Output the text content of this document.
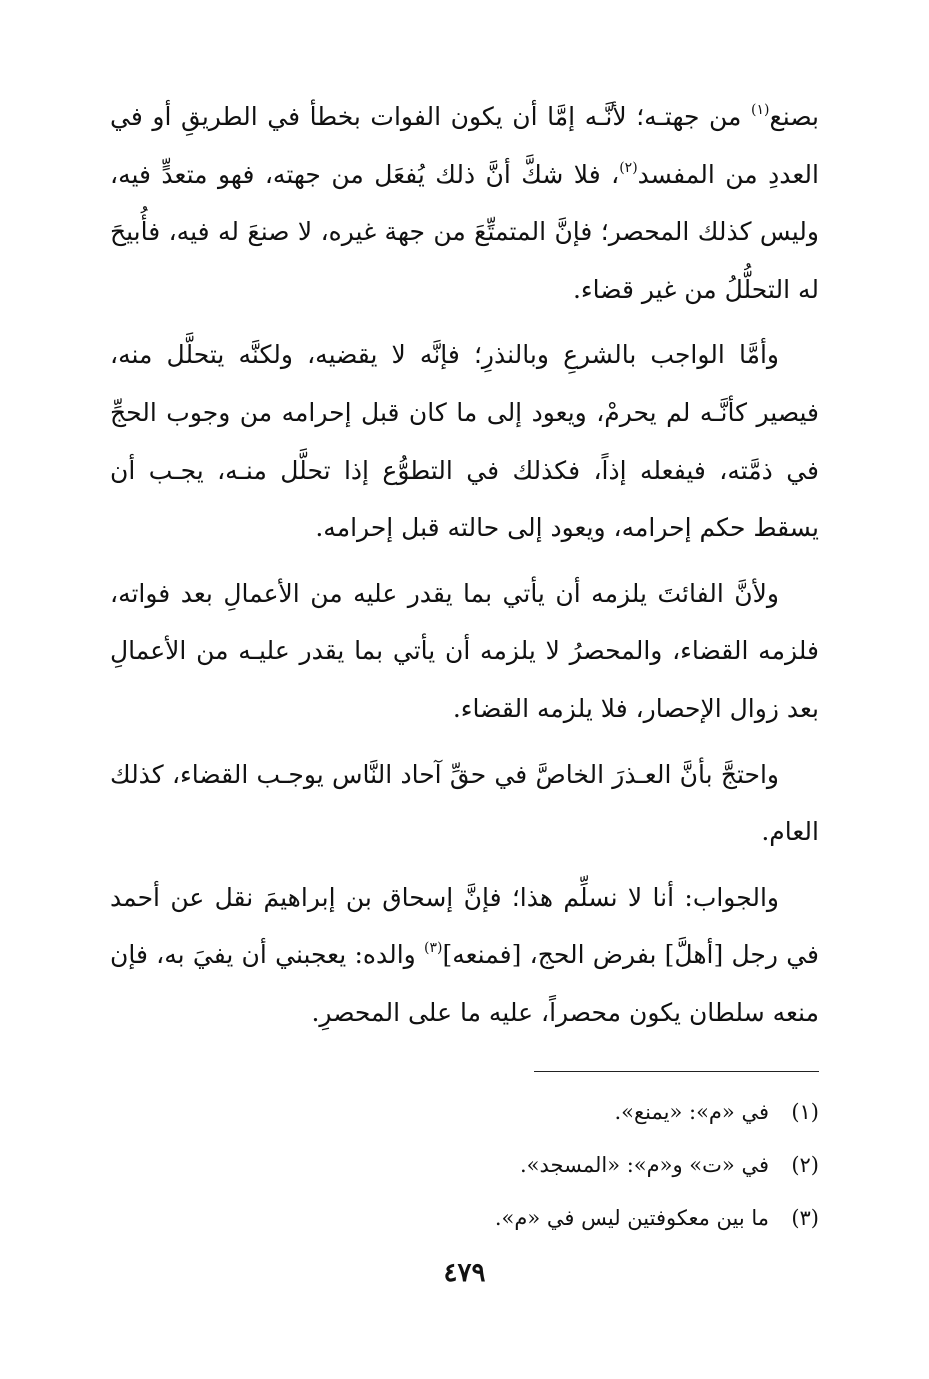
بصنع$^{(١)}$ من جهتـه؛ لأنَّـه إمَّا أن يكون الفوات بخطأ في الطريقِ أو في العددِ من المفسد$^{(٢)}$، فلا شكَّ أنَّ ذلك يُفعَل من جهته، فهو متعدٍّ فيه، وليس كذلك المحصر؛ فإنَّ المتمتِّعَ من جهة غيره، لا صنعَ له فيه، فأُبيحَ له التحلُّلُ من غير قضاء.

وأمَّا الواجب بالشرعِ وبالنذرِ؛ فإنَّه لا يقضيه، ولكنَّه يتحلَّل منه، فيصير كأنَّـه لم يحرمْ، ويعود إلى ما كان قبل إحرامه من وجوب الحجِّ في ذمَّته، فيفعله إذاً، فكذلك في التطوُّع إذا تحلَّل منـه، يجـب أن يسقط حكم إحرامه، ويعود إلى حالته قبل إحرامه.

ولأنَّ الفائتَ يلزمه أن يأتي بما يقدر عليه من الأعمالِ بعد فواته، فلزمه القضاء، والمحصرُ لا يلزمه أن يأتي بما يقدر عليـه من الأعمالِ بعد زوال الإحصار، فلا يلزمه القضاء.

واحتجَّ بأنَّ العـذرَ الخاصَّ في حقِّ آحاد النَّاس يوجـب القضاء، كذلك العام.

والجواب: أنا لا نسلِّم هذا؛ فإنَّ إسحاق بن إبراهيمَ نقل عن أحمد في رجل [أهلَّ] بفرض الحج، [فمنعه]$^{(٣)}$ والده: يعجبني أن يفيَ به، فإن منعه سلطان يكون محصراً، عليه ما على المحصرِ.

(١)في «م»: «يمنع».
(٢)في «ت» و«م»: «المسجد».
(٣)ما بين معكوفتين ليس في «م».
٤٧٩
